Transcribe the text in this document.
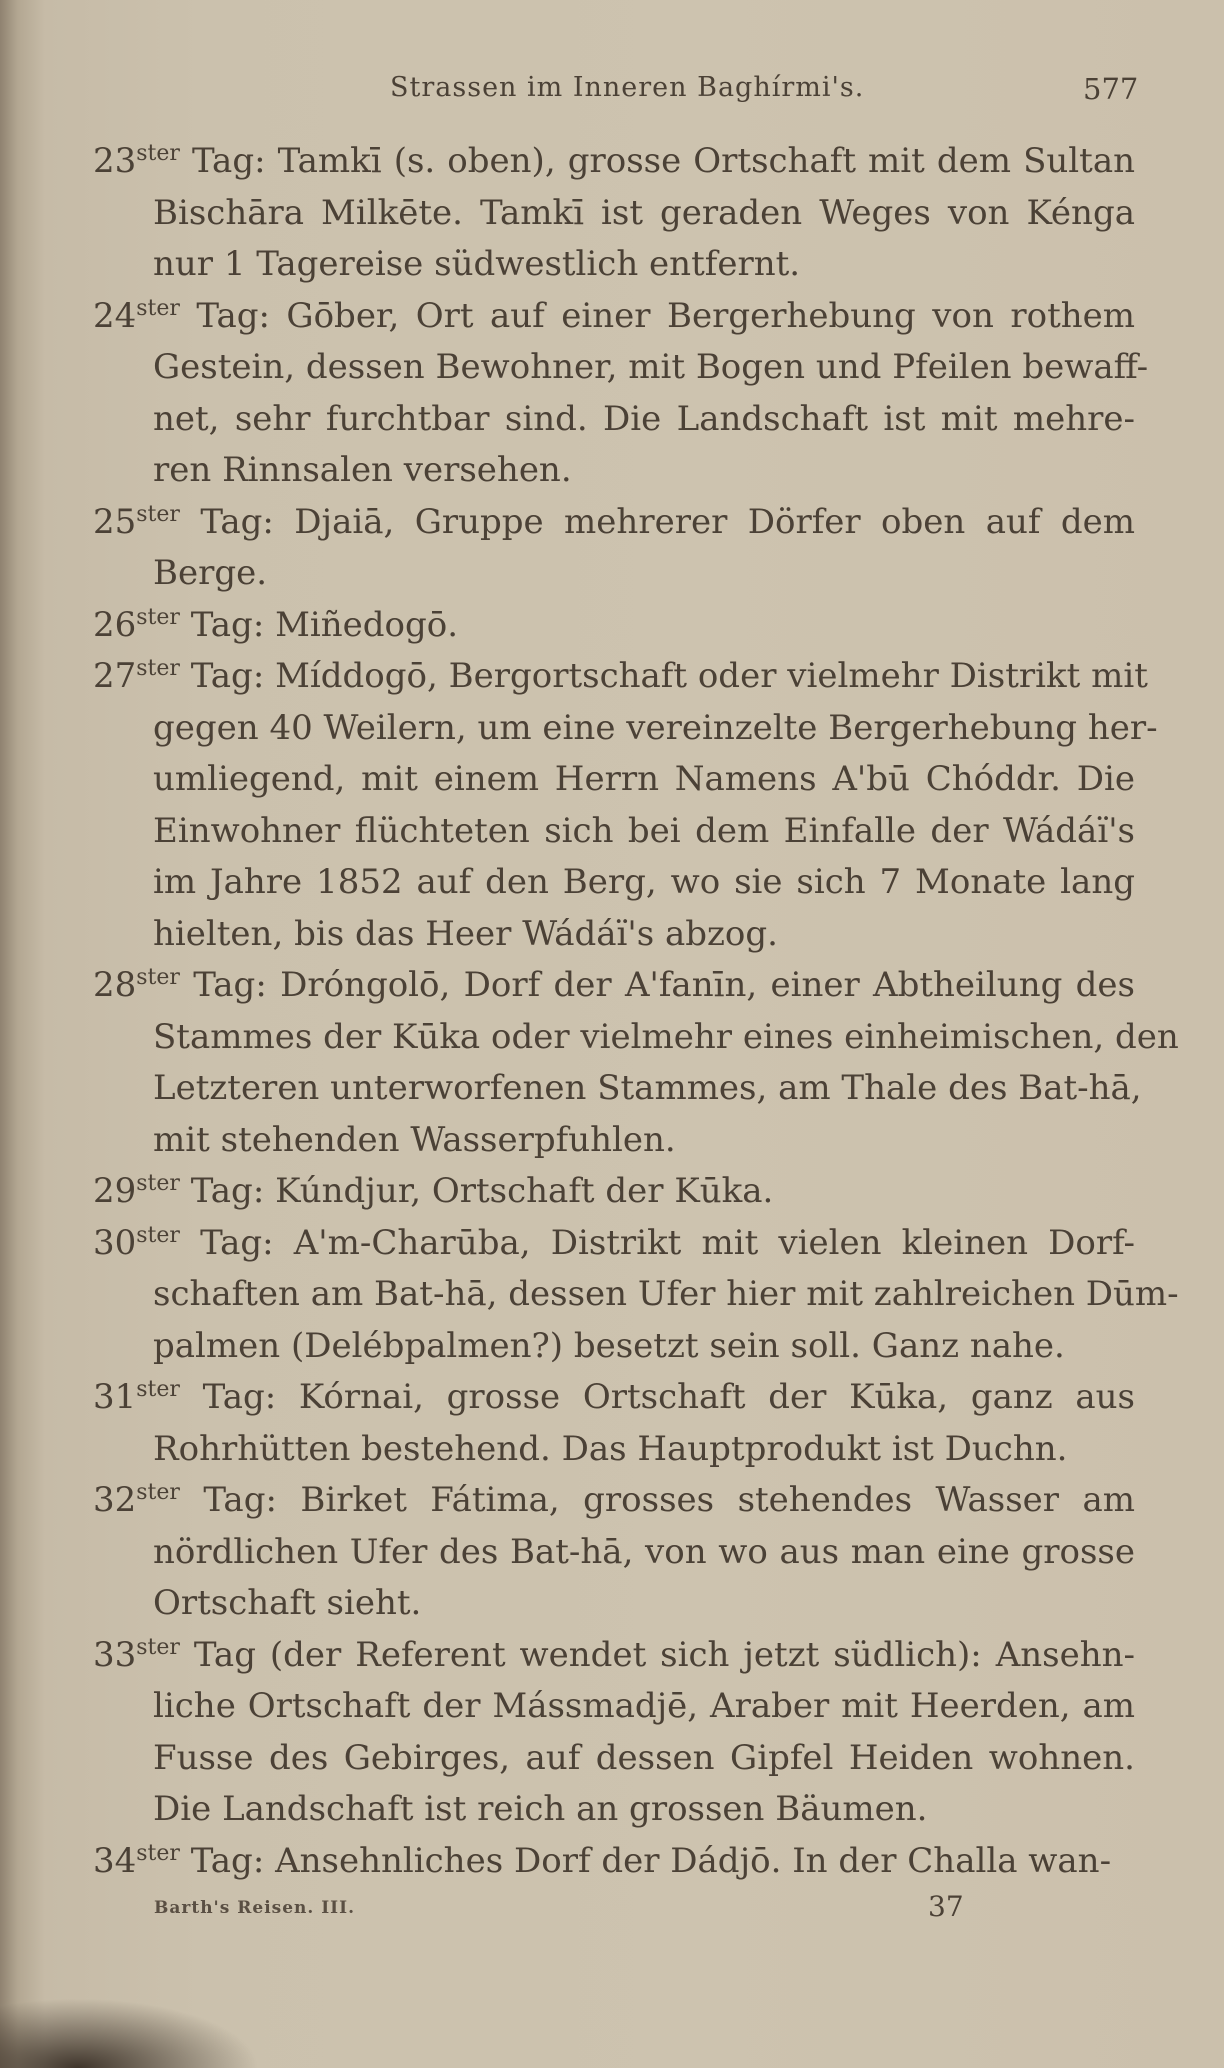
Strassen im Inneren Baghírmi's.	577

$23^{ster}$ Tag: Tamkī (s. oben), grosse Ortschaft mit dem Sultan
Bischāra Milkēte. Tamkī ist geraden Weges von Kénga
nur 1 Tagereise südwestlich entfernt.

$24^{ster}$ Tag: Gōber, Ort auf einer Bergerhebung von rothem
Gestein, dessen Bewohner, mit Bogen und Pfeilen bewaff-
net, sehr furchtbar sind. Die Landschaft ist mit mehre-
ren Rinnsalen versehen.

$25^{ster}$ Tag: Djaiā, Gruppe mehrerer Dörfer oben auf dem
Berge.

$26^{ster}$ Tag: Miñedogō.

$27^{ster}$ Tag: Míddogō, Bergortschaft oder vielmehr Distrikt mit
gegen 40 Weilern, um eine vereinzelte Bergerhebung her-
umliegend, mit einem Herrn Namens A'bū Chóddr. Die
Einwohner flüchteten sich bei dem Einfalle der Wádáï's
im Jahre 1852 auf den Berg, wo sie sich 7 Monate lang
hielten, bis das Heer Wádáï's abzog.

$28^{ster}$ Tag: Dróngolō, Dorf der A'fanīn, einer Abtheilung des
Stammes der Kūka oder vielmehr eines einheimischen, den
Letzteren unterworfenen Stammes, am Thale des Bat-hā,
mit stehenden Wasserpfuhlen.

$29^{ster}$ Tag: Kúndjur, Ortschaft der Kūka.

$30^{ster}$ Tag: A'm-Charūba, Distrikt mit vielen kleinen Dorf-
schaften am Bat-hā, dessen Ufer hier mit zahlreichen Dūm-
palmen (Delébpalmen?) besetzt sein soll. Ganz nahe.

$31^{ster}$ Tag: Kórnai, grosse Ortschaft der Kūka, ganz aus
Rohrhütten bestehend. Das Hauptprodukt ist Duchn.

$32^{ster}$ Tag: Birket Fátima, grosses stehendes Wasser am
nördlichen Ufer des Bat-hā, von wo aus man eine grosse
Ortschaft sieht.

$33^{ster}$ Tag (der Referent wendet sich jetzt südlich): Ansehn-
liche Ortschaft der Mássmadjē, Araber mit Heerden, am
Fusse des Gebirges, auf dessen Gipfel Heiden wohnen.
Die Landschaft ist reich an grossen Bäumen.

$34^{ster}$ Tag: Ansehnliches Dorf der Dádjō. In der Challa wan-

Barth's Reisen. III.	37
